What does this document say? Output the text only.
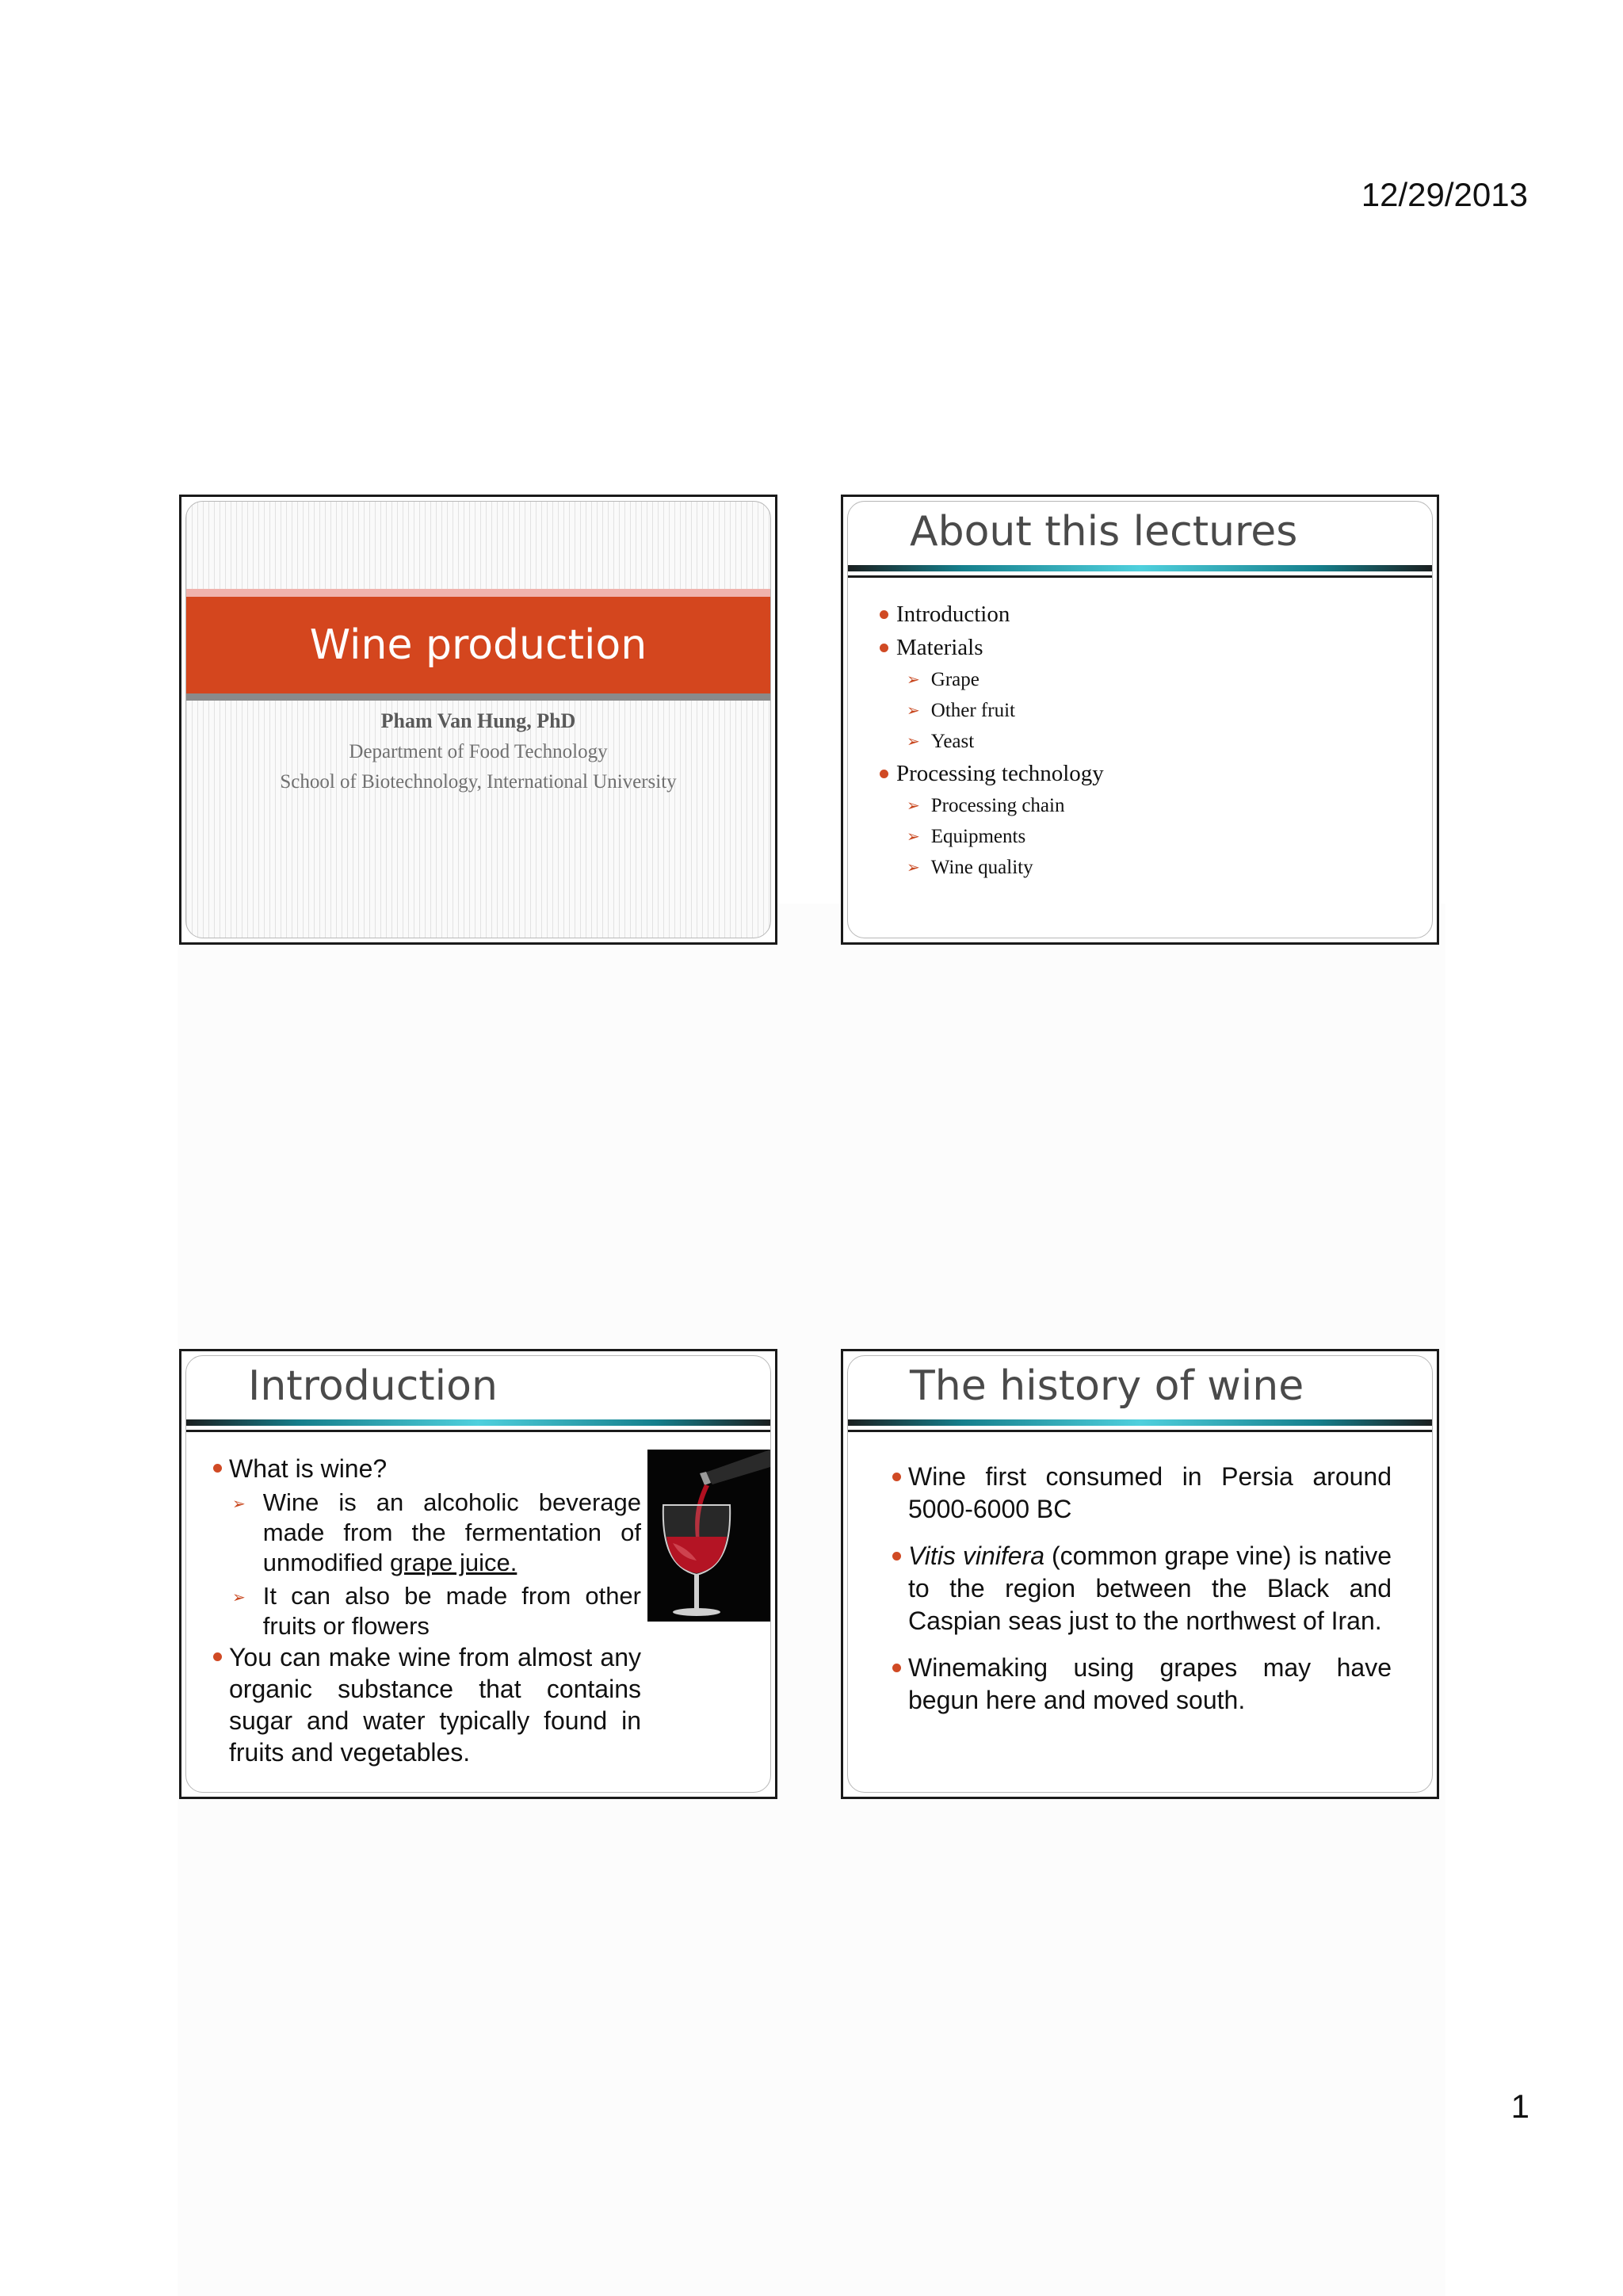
12/29/2013
Wine production
Pham Van Hung, PhD
Department of Food Technology
School of Biotechnology, International University
About this lectures
Introduction
Materials
➢ Grape
➢ Other fruit
➢ Yeast
Processing technology
➢ Processing chain
➢ Equipments
➢ Wine quality
Introduction
What is wine?
➢ Wine is an alcoholic beverage made from the fermentation of unmodified grape juice.
➢ It can also be made from other fruits or flowers
You can make wine from almost any organic substance that contains sugar and water typically found in fruits and vegetables.
The history of wine
Wine first consumed in Persia around 5000-6000 BC
Vitis vinifera (common grape vine) is native to the region between the Black and Caspian seas just to the northwest of Iran.
Winemaking using grapes may have begun here and moved south.
1
